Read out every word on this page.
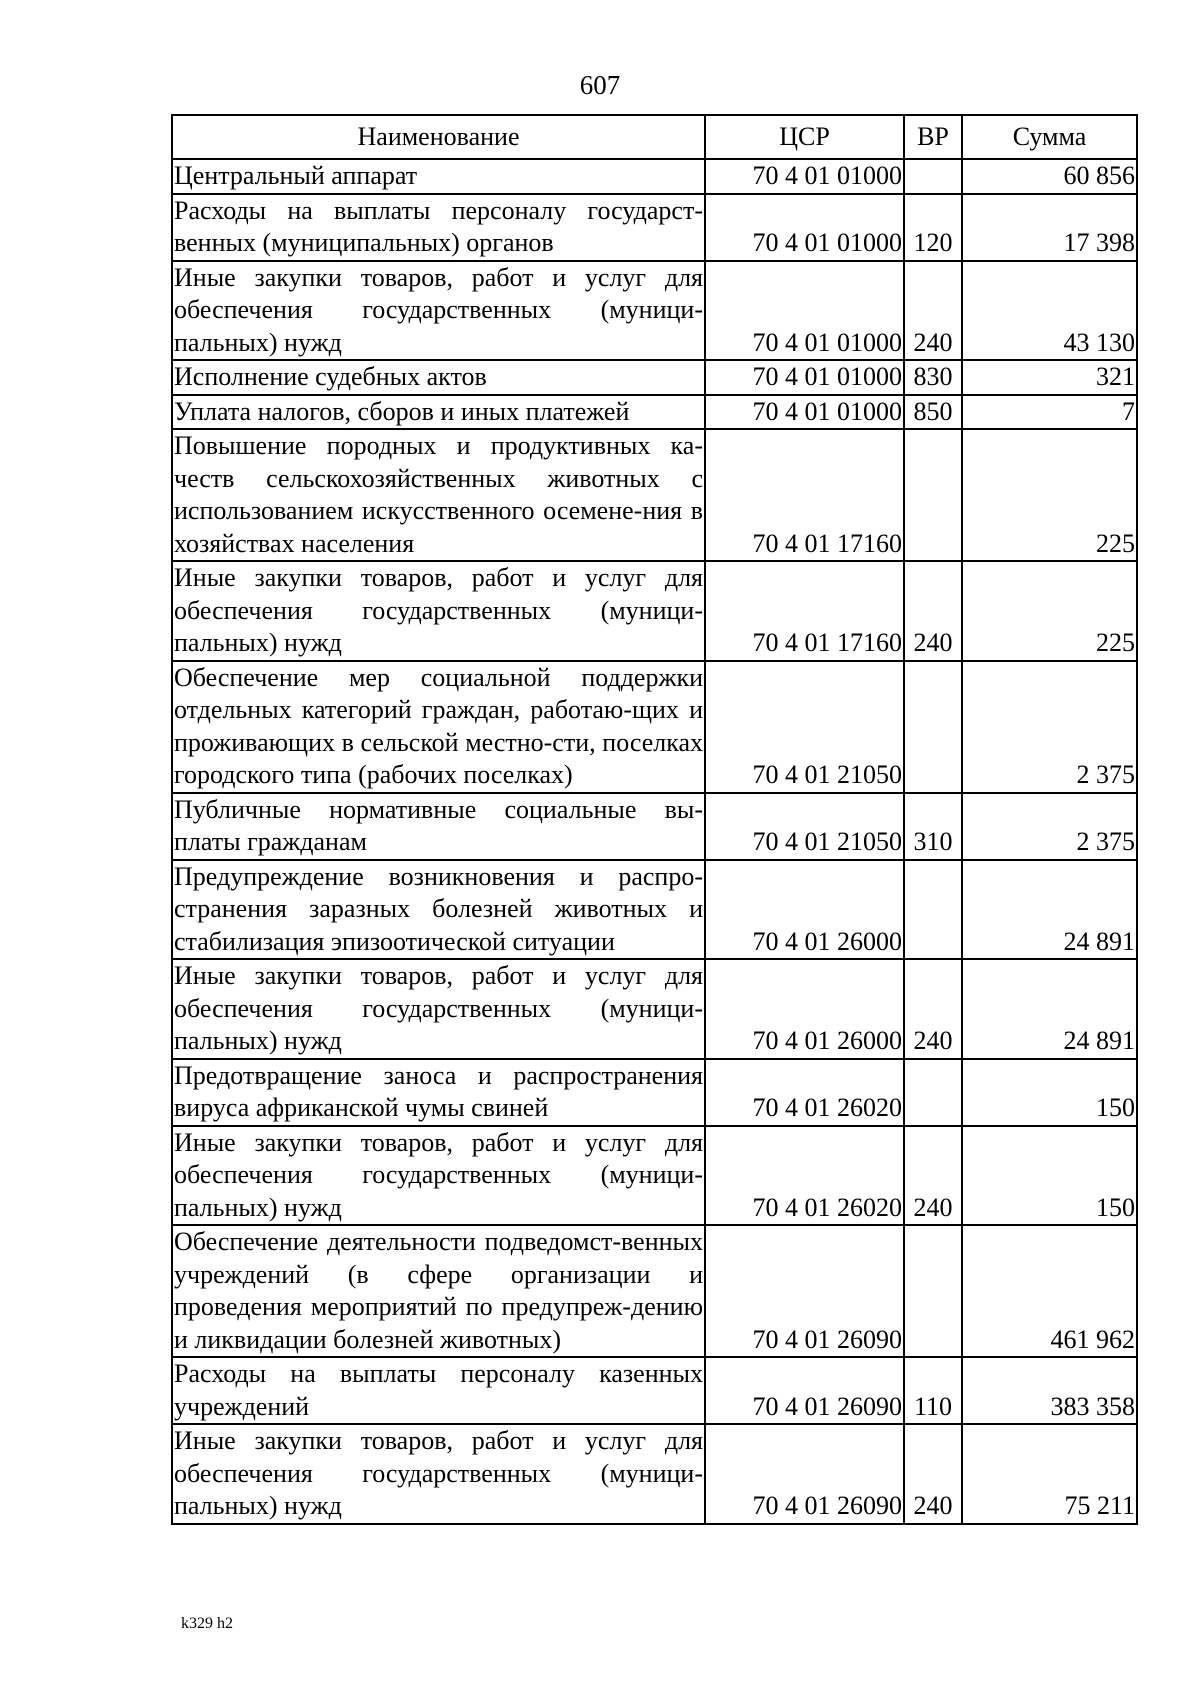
607
Наименование	ЦСР	ВР	Сумма
Центральный аппарат	70 4 01 01000		60 856
Расходы на выплаты персоналу государст-венных (муниципальных) органов	70 4 01 01000	120	17 398
Иные закупки товаров, работ и услуг для обеспечения государственных (муници-пальных) нужд	70 4 01 01000	240	43 130
Исполнение судебных актов	70 4 01 01000	830	321
Уплата налогов, сборов и иных платежей	70 4 01 01000	850	7
Повышение породных и продуктивных ка-честв сельскохозяйственных животных с использованием искусственного осемене-ния в хозяйствах населения	70 4 01 17160		225
Иные закупки товаров, работ и услуг для обеспечения государственных (муници-пальных) нужд	70 4 01 17160	240	225
Обеспечение мер социальной поддержки отдельных категорий граждан, работаю-щих и проживающих в сельской местно-сти, поселках городского типа (рабочих поселках)	70 4 01 21050		2 375
Публичные нормативные социальные вы-платы гражданам	70 4 01 21050	310	2 375
Предупреждение возникновения и распро-странения заразных болезней животных и стабилизация эпизоотической ситуации	70 4 01 26000		24 891
Иные закупки товаров, работ и услуг для обеспечения государственных (муници-пальных) нужд	70 4 01 26000	240	24 891
Предотвращение заноса и распространения вируса африканской чумы свиней	70 4 01 26020		150
Иные закупки товаров, работ и услуг для обеспечения государственных (муници-пальных) нужд	70 4 01 26020	240	150
Обеспечение деятельности подведомст-венных учреждений (в сфере организации и проведения мероприятий по предупреж-дению и ликвидации болезней животных)	70 4 01 26090		461 962
Расходы на выплаты персоналу казенных учреждений	70 4 01 26090	110	383 358
Иные закупки товаров, работ и услуг для обеспечения государственных (муници-пальных) нужд	70 4 01 26090	240	75 211
k329 h2
